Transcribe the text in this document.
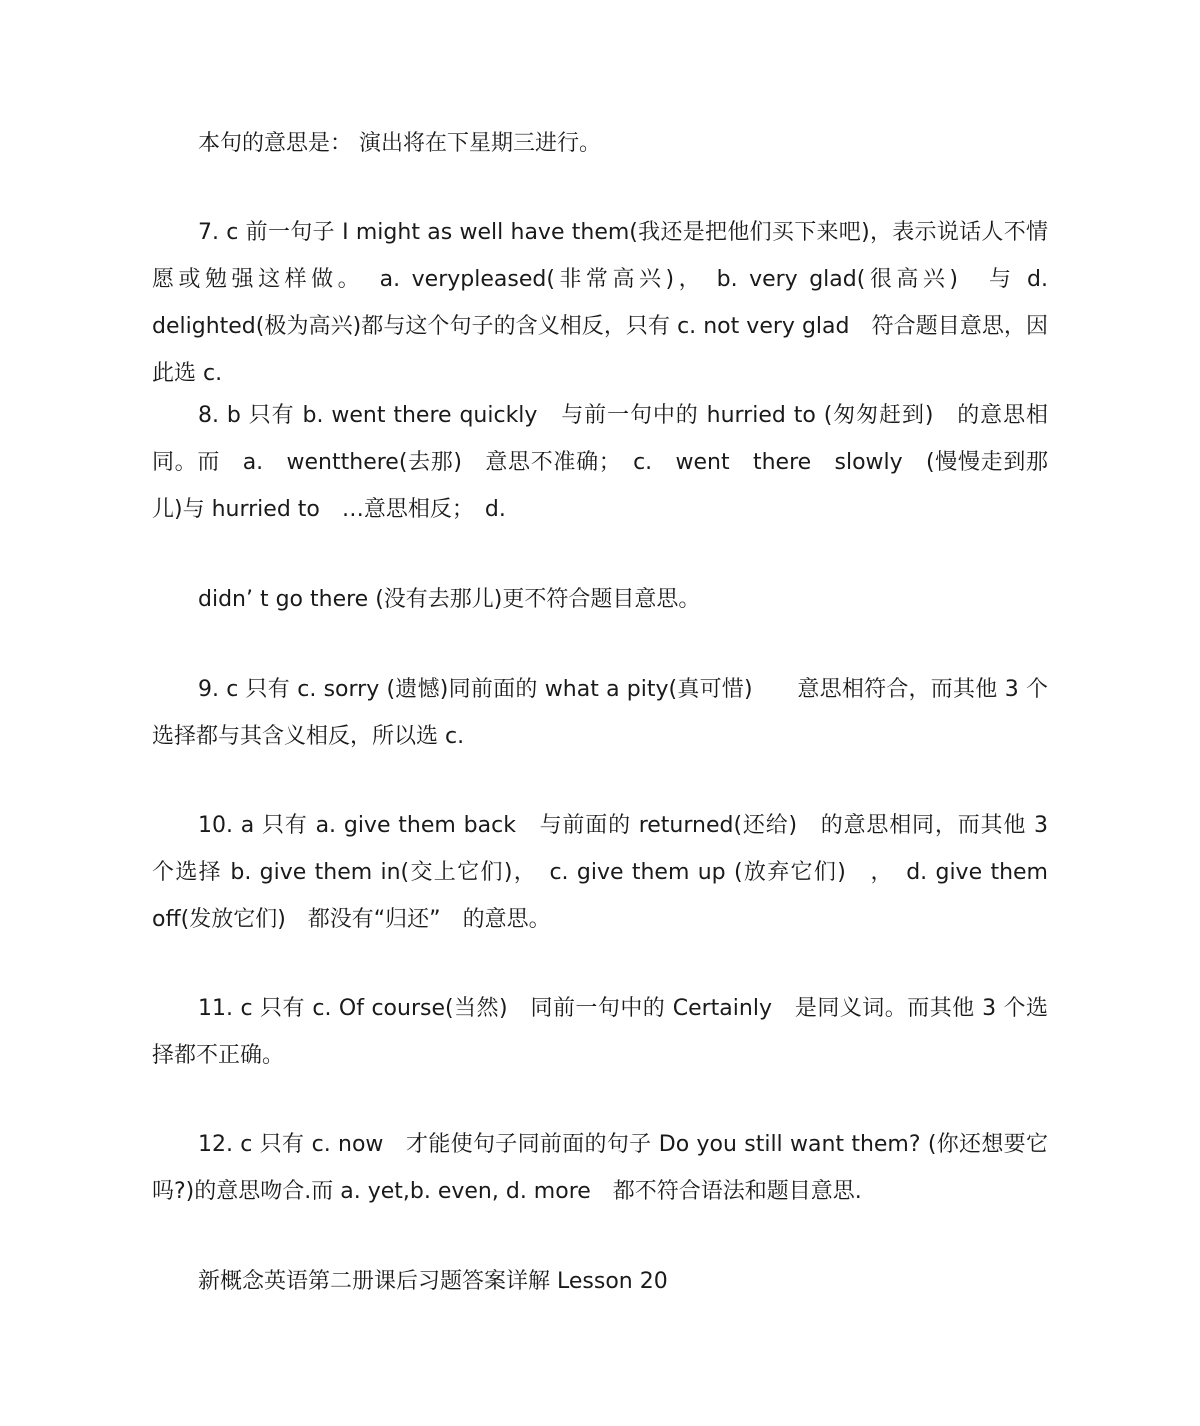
本句的意思是： 演出将在下星期三进行。

7. c 前一句子 I might as well have them(我还是把他们买下来吧)，表示说话人不情愿或勉强这样做。　a. verypleased(非常高兴)， b. very glad(很高兴)　与 d. delighted(极为高兴)都与这个句子的含义相反，只有 c. not very glad　符合题目意思，因此选 c.

8. b 只有 b. went there quickly　与前一句中的 hurried to (匆匆赶到)　的意思相同。而　a.　wentthere(去那)　意思不准确；　c.　went　there　slowly　(慢慢走到那儿)与 hurried to　…意思相反；　d.

didn’ t go there (没有去那儿)更不符合题目意思。

9. c 只有 c. sorry (遗憾)同前面的 what a pity(真可惜)　　意思相符合，而其他 3 个选择都与其含义相反，所以选 c.

10. a 只有 a. give them back　与前面的 returned(还给)　的意思相同，而其他 3 个选择 b. give them in(交上它们)，　c. give them up (放弃它们)　，　d. give them off(发放它们)　都没有“归还”　的意思。

11. c 只有 c. Of course(当然)　同前一句中的 Certainly　是同义词。而其他 3 个选择都不正确。

12. c 只有 c. now　才能使句子同前面的句子 Do you still want them? (你还想要它吗?)的意思吻合.而 a. yet,b. even, d. more　都不符合语法和题目意思.

新概念英语第二册课后习题答案详解 Lesson 20
